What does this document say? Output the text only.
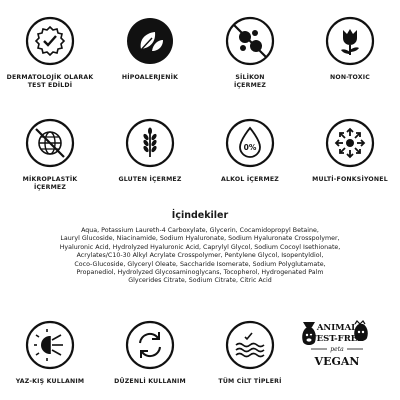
DERMATOLOJİK OLARAK
TEST EDİLDİ
HİPOALERJENİK	SİLİKON
İÇERMEZ
NON-TOXIC
MİKROPLASTİK
İÇERMEZ
GLUTEN İÇERMEZ
0%
ALKOL İÇERMEZ	MULTİ-FONKSİYONEL
İçindekiler
Aqua, Potassium Laureth-4 Carboxylate, Glycerin, Cocamidopropyl Betaine,
Lauryl Glucoside, Niacinamide, Sodium Hyaluronate, Sodium Hyaluronate Crosspolymer,
Hyaluronic Acid, Hydrolyzed Hyaluronic Acid, Caprylyl Glycol, Sodium Cocoyl Isethionate,
Acrylates/C10-30 Alkyl Acrylate Crosspolymer, Pentylene Glycol, Isopentyldiol,
Coco-Glucoside, Glyceryl Oleate, Saccharide Isomerate, Sodium Polyglutamate,
Propanediol, Hydrolyzed Glycosaminoglycans, Tocopherol, Hydrogenated Palm
Glycerides Citrate, Sodium Citrate, Citric Acid
YAZ-KIŞ KULLANIM	DÜZENLİ KULLANIM	TÜM CİLT TİPLERİ
ANIMAL
TEST-FREE
peta
VEGAN
